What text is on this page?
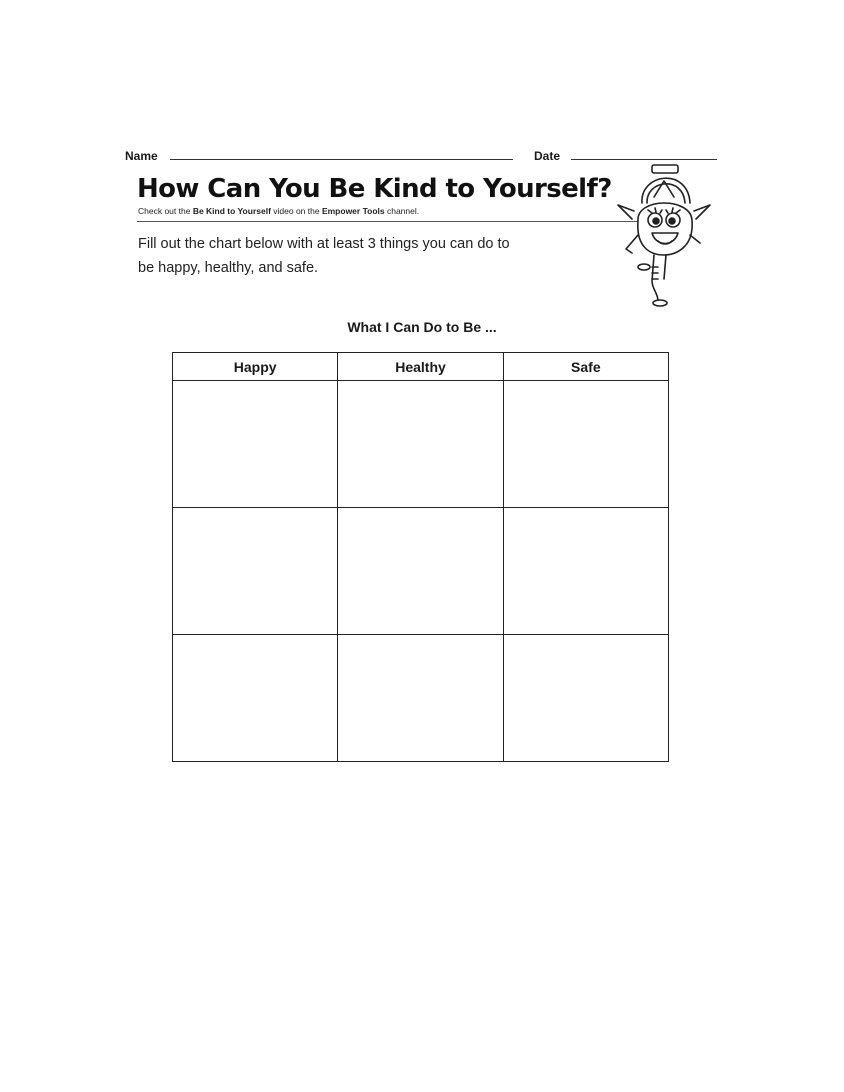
Name	Date
How Can You Be Kind to Yourself?
Check out the Be Kind to Yourself video on the Empower Tools channel.
Fill out the chart below with at least 3 things you can do to be happy, healthy, and safe.
What I Can Do to Be ...
Happy	Healthy	Safe
